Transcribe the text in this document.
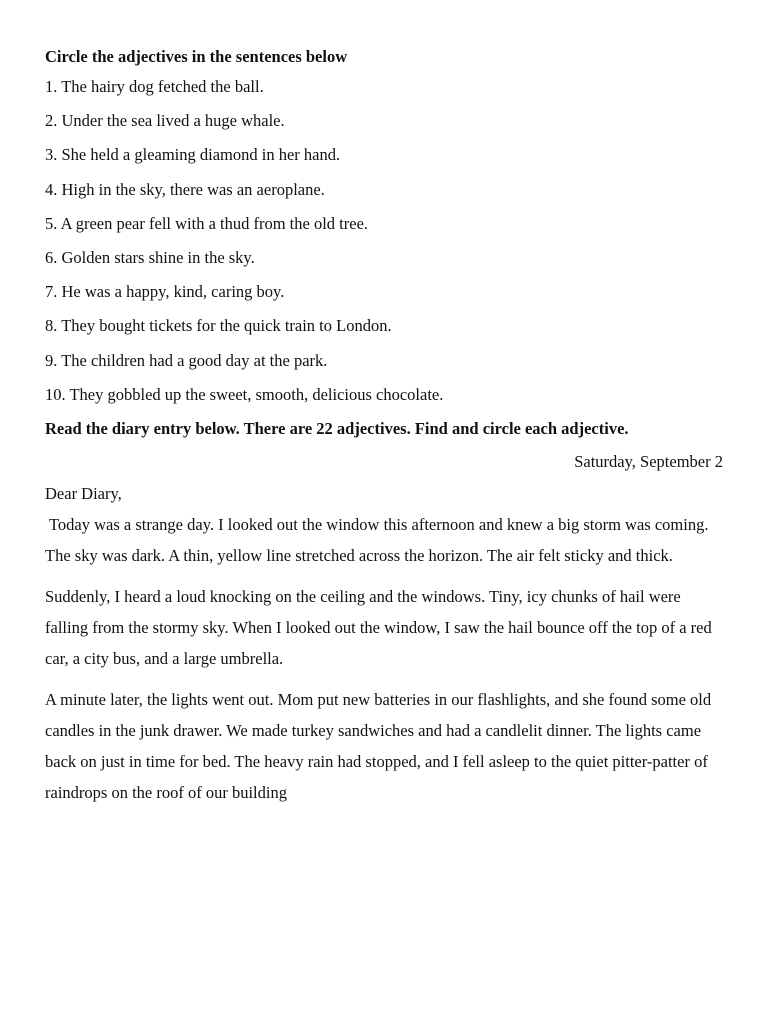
Circle the adjectives in the sentences below
1. The hairy dog fetched the ball.
2. Under the sea lived a huge whale.
3. She held a gleaming diamond in her hand.
4. High in the sky, there was an aeroplane.
5. A green pear fell with a thud from the old tree.
6. Golden stars shine in the sky.
7. He was a happy, kind, caring boy.
8. They bought tickets for the quick train to London.
9. The children had a good day at the park.
10. They gobbled up the sweet, smooth, delicious chocolate.
Read the diary entry below. There are 22 adjectives. Find and circle each adjective.
Saturday, September 2
Dear Diary,

Today was a strange day. I looked out the window this afternoon and knew a big storm was coming. The sky was dark. A thin, yellow line stretched across the horizon. The air felt sticky and thick.

Suddenly, I heard a loud knocking on the ceiling and the windows. Tiny, icy chunks of hail were falling from the stormy sky. When I looked out the window, I saw the hail bounce off the top of a red car, a city bus, and a large umbrella.

A minute later, the lights went out. Mom put new batteries in our flashlights, and she found some old candles in the junk drawer. We made turkey sandwiches and had a candlelit dinner. The lights came back on just in time for bed. The heavy rain had stopped, and I fell asleep to the quiet pitter-patter of raindrops on the roof of our building
